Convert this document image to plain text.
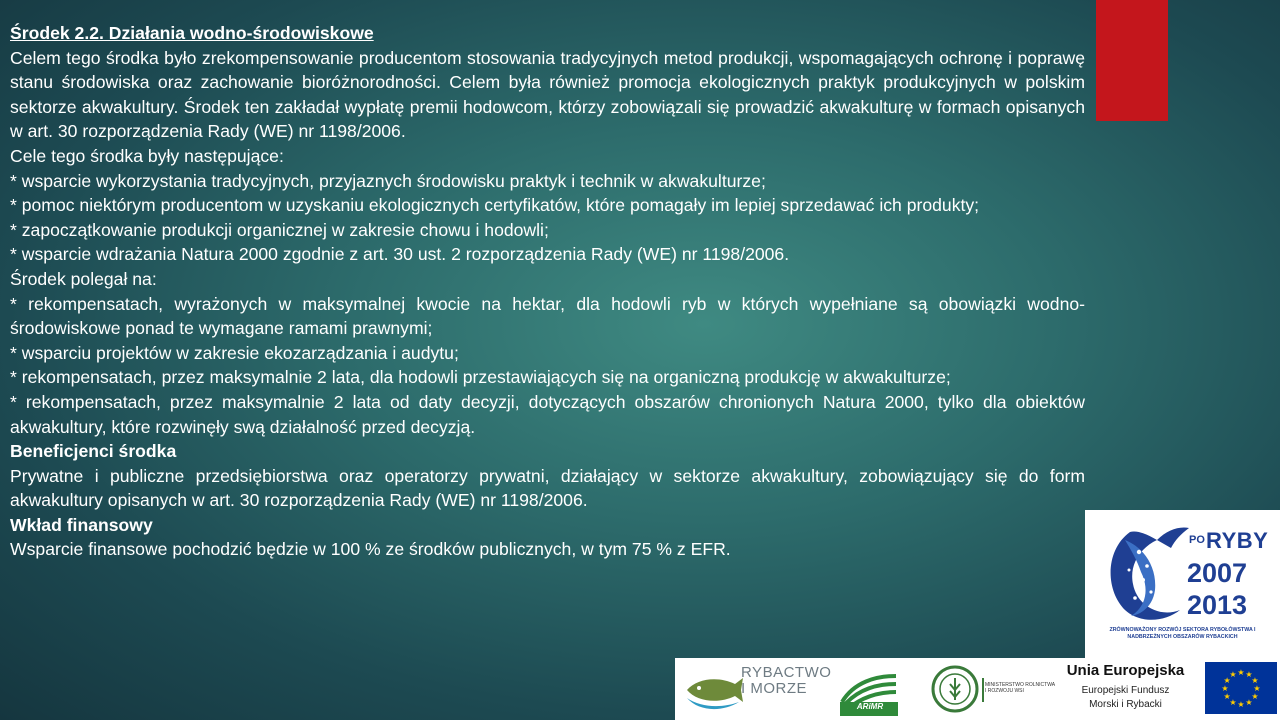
Środek 2.2. Działania wodno-środowiskowe

Celem tego środka było zrekompensowanie producentom stosowania tradycyjnych metod produkcji, wspomagających ochronę i poprawę stanu środowiska oraz zachowanie bioróżnorodności. Celem była również promocja ekologicznych praktyk produkcyjnych w polskim sektorze akwakultury. Środek ten zakładał wypłatę premii hodowcom, którzy zobowiązali się prowadzić akwakulturę w formach opisanych w art. 30 rozporządzenia Rady (WE) nr 1198/2006.

Cele tego środka były następujące:

* wsparcie wykorzystania tradycyjnych, przyjaznych środowisku praktyk i technik w akwakulturze;

* pomoc niektórym producentom w uzyskaniu ekologicznych certyfikatów, które pomagały im lepiej sprzedawać ich produkty;

* zapoczątkowanie produkcji organicznej w zakresie chowu i hodowli;

* wsparcie wdrażania Natura 2000 zgodnie z art. 30 ust. 2 rozporządzenia Rady (WE) nr 1198/2006.

Środek polegał na:

* rekompensatach, wyrażonych w maksymalnej kwocie na hektar, dla hodowli ryb w których wypełniane są obowiązki wodno-środowiskowe ponad te wymagane ramami prawnymi;

* wsparciu projektów w zakresie ekozarządzania i audytu;

* rekompensatach, przez maksymalnie 2 lata, dla hodowli przestawiających się na organiczną produkcję w akwakulturze;

* rekompensatach, przez maksymalnie 2 lata od daty decyzji, dotyczących obszarów chronionych Natura 2000, tylko dla obiektów akwakultury, które rozwinęły swą działalność przed decyzją.

Beneficjenci środka

Prywatne i publiczne przedsiębiorstwa oraz operatorzy prywatni, działający w sektorze akwakultury, zobowiązujący się do form akwakultury opisanych w art. 30 rozporządzenia Rady (WE) nr 1198/2006.

Wkład finansowy

Wsparcie finansowe pochodzić będzie w 100 % ze środków publicznych, w tym 75 % z EFR.	PO RYBY
2007
2013
ZRÓWNOWAŻONY ROZWÓJ SEKTORA RYBOŁÓWSTWA I NADBRZEŻNYCH OBSZARÓW RYBACKICH
RYBACTWO
I MORZE
ARiMR
MINISTERSTWO ROLNICTWA I ROZWOJU WSI
Unia Europejska
Europejski Fundusz
Morski i Rybacki
★ ★
★
★
★
★
★
★
★
★
★
★
